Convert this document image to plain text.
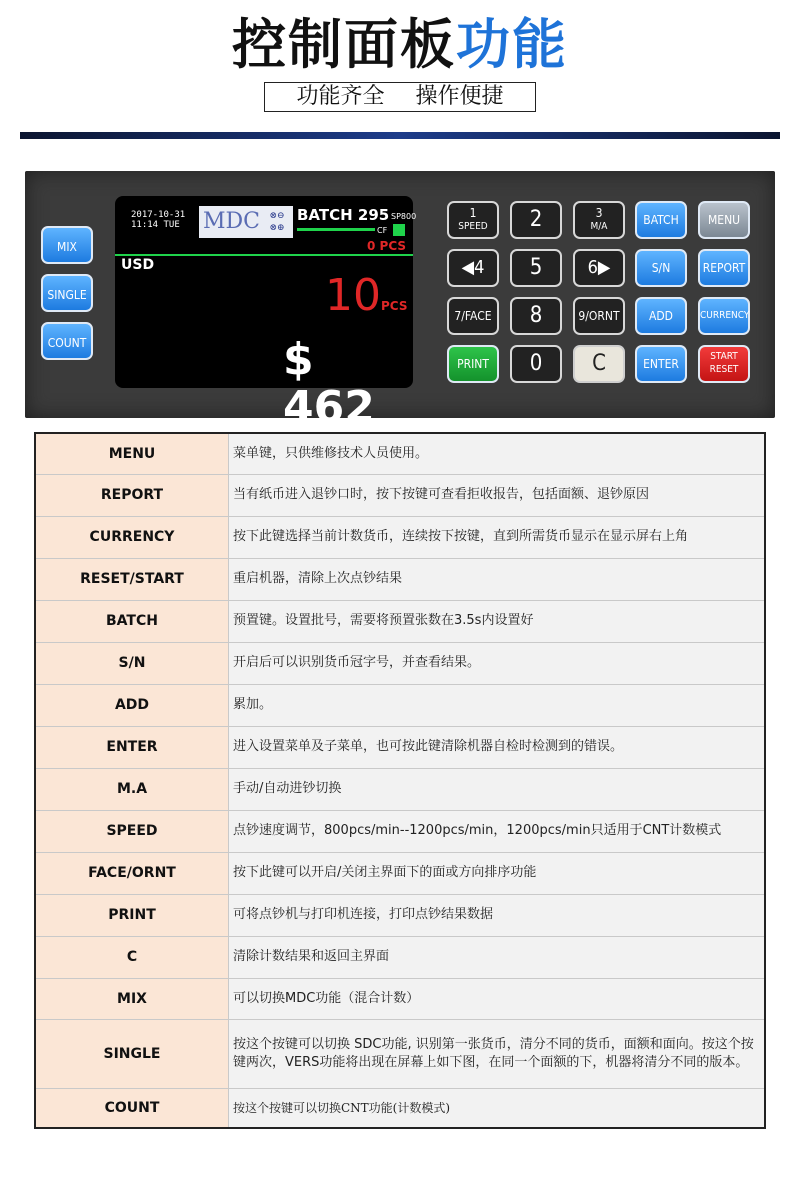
控制面板功能
功能齐全 操作便捷
MIX
SINGLE
COUNT
2017-10-31
11:14 TUE MDC	⊗⊖
⊗⊕
BATCH 295 SP800
CF
0 PCS
USD
10PCS
$ 462
1
SPEED	2	3
M/A	BATCH	MENU
◀4	5	6▶	S/N	REPORT
7/FACE	8	9/ORNT	ADD	CURRENCY
PRINT	0	C	ENTER
START
RESET
MENU	菜单键，只供维修技术人员使用。
REPORT	当有纸币进入退钞口时，按下按键可查看拒收报告，包括面额、退钞原因
CURRENCY	按下此键选择当前计数货币，连续按下按键，直到所需货币显示在显示屏右上角
RESET/START	重启机器，清除上次点钞结果
BATCH	预置键。设置批号，需要将预置张数在3.5s内设置好
S/N	开启后可以识别货币冠字号，并查看结果。
ADD	累加。
ENTER	进入设置菜单及子菜单，也可按此键清除机器自检时检测到的错误。
M.A	手动/自动进钞切换
SPEED	点钞速度调节，800pcs/min--1200pcs/min，1200pcs/min只适用于CNT计数模式
FACE/ORNT	按下此键可以开启/关闭主界面下的面或方向排序功能
PRINT	可将点钞机与打印机连接，打印点钞结果数据
C	清除计数结果和返回主界面
MIX	可以切换MDC功能（混合计数）
SINGLE	按这个按键可以切换 SDC功能, 识别第一张货币，清分不同的货币，面额和面向。按这个按键两次，VERS功能将出现在屏幕上如下图，在同一个面额的下，机器将清分不同的版本。
COUNT	按这个按键可以切换CNT功能(计数模式)
